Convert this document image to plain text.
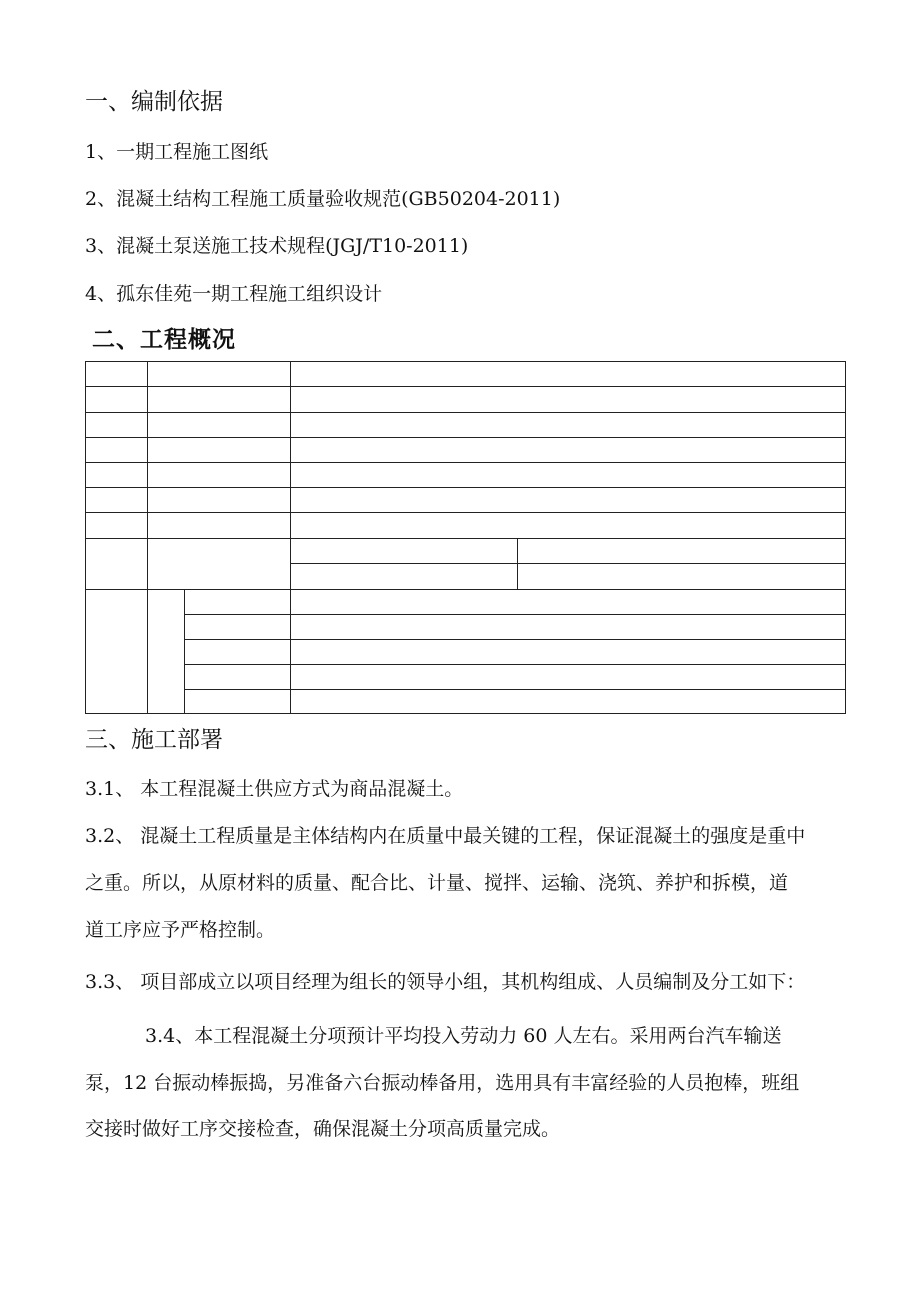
一、编制依据
1、一期工程施工图纸
2、混凝土结构工程施工质量验收规范(GB50204-2011)
3、混凝土泵送施工技术规程(JGJ/T10-2011)
4、孤东佳苑一期工程施工组织设计
二、工程概况
三、施工部署
3.1、 本工程混凝土供应方式为商品混凝土。
3.2、 混凝土工程质量是主体结构内在质量中最关键的工程，保证混凝土的强度是重中
之重。所以，从原材料的质量、配合比、计量、搅拌、运输、浇筑、养护和拆模，道
道工序应予严格控制。
3.3、 项目部成立以项目经理为组长的领导小组，其机构组成、人员编制及分工如下：
3.4、本工程混凝土分项预计平均投入劳动力 60 人左右。采用两台汽车输送
泵，12 台振动棒振捣，另准备六台振动棒备用，选用具有丰富经验的人员抱棒，班组
交接时做好工序交接检查，确保混凝土分项高质量完成。
